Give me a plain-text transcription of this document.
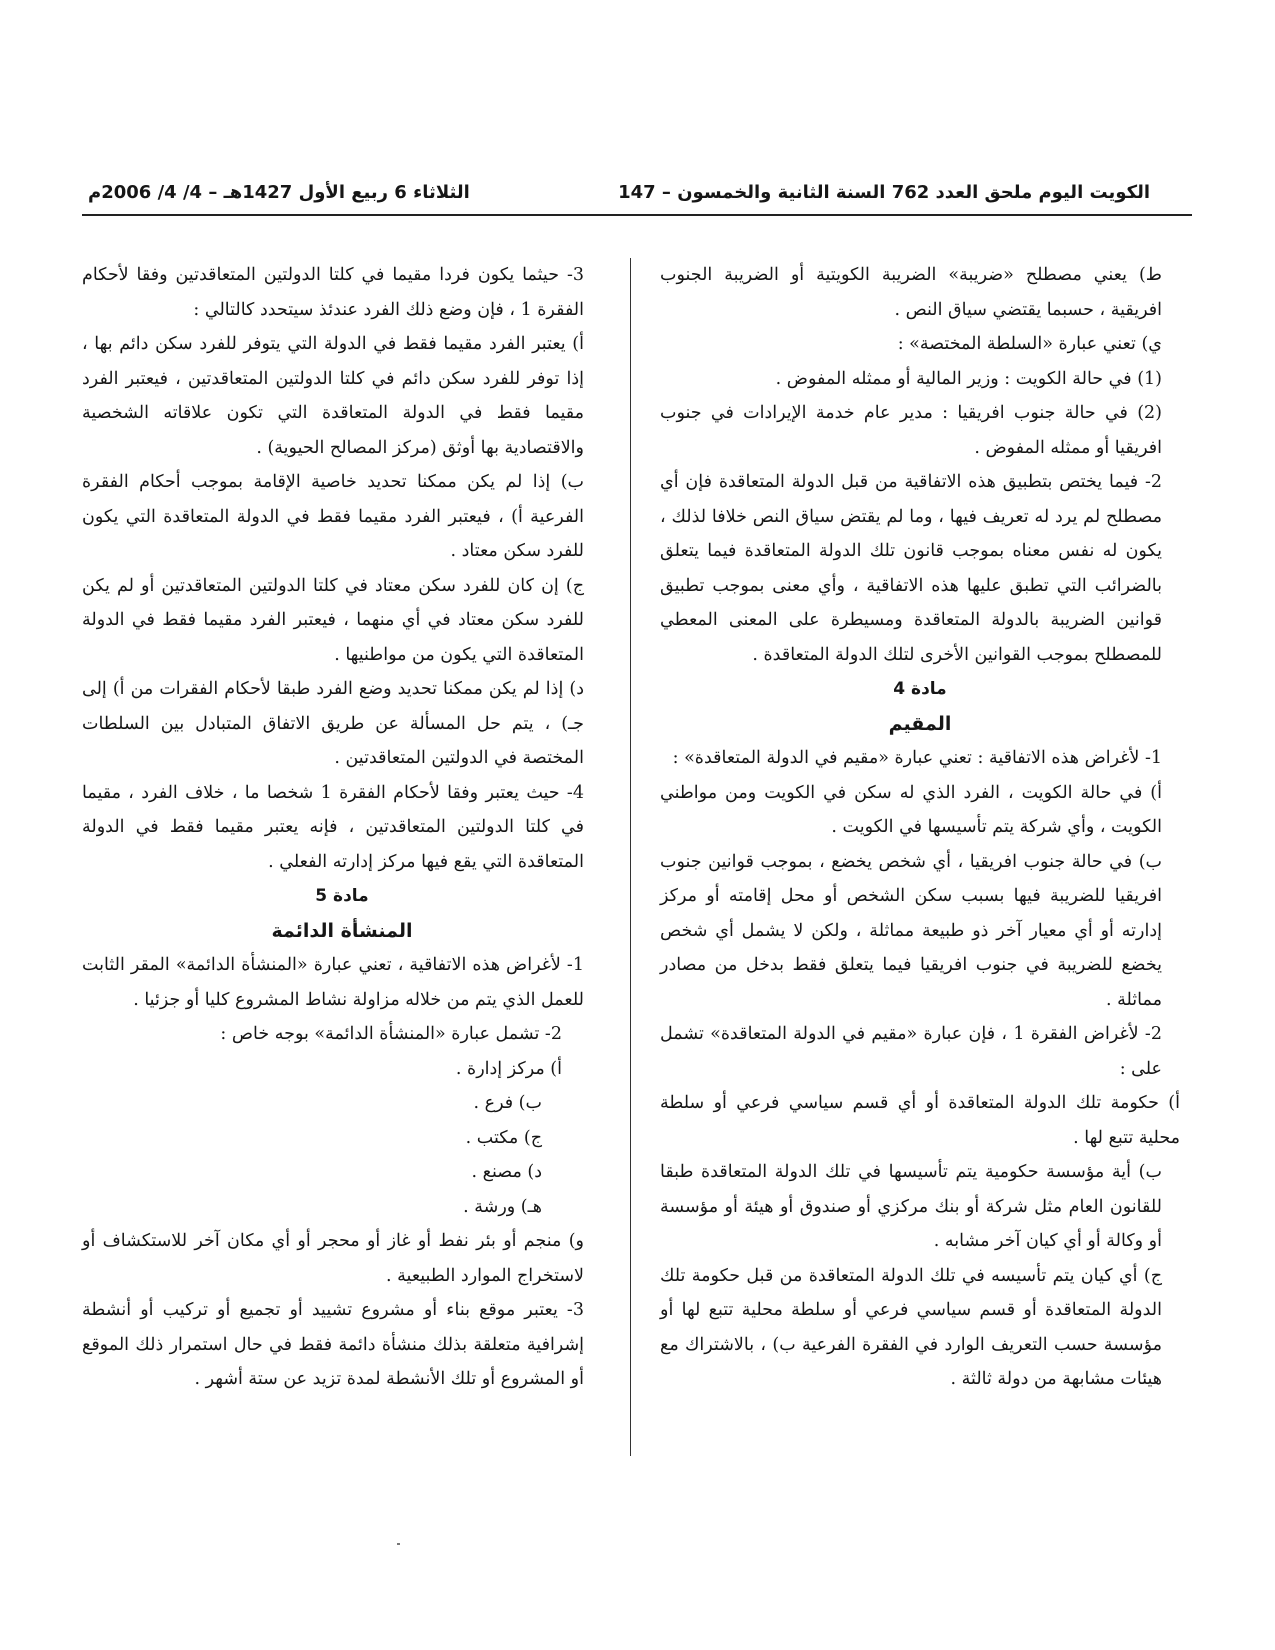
الكويت اليوم ملحق العدد 762 السنة الثانية والخمسون – 147
الثلاثاء 6 ربيع الأول 1427هـ – 4/ 4/ 2006م

ط) يعني مصطلح «ضريبة» الضريبة الكويتية أو الضريبة الجنوب افريقية ، حسبما يقتضي سياق النص .

ي) تعني عبارة «السلطة المختصة» :

(1) في حالة الكويت : وزير المالية أو ممثله المفوض .

(2) في حالة جنوب افريقيا : مدير عام خدمة الإيرادات في جنوب افريقيا أو ممثله المفوض .

2- فيما يختص بتطبيق هذه الاتفاقية من قبل الدولة المتعاقدة فإن أي مصطلح لم يرد له تعريف فيها ، وما لم يقتض سياق النص خلافا لذلك ، يكون له نفس معناه بموجب قانون تلك الدولة المتعاقدة فيما يتعلق بالضرائب التي تطبق عليها هذه الاتفاقية ، وأي معنى بموجب تطبيق قوانين الضريبة بالدولة المتعاقدة ومسيطرة على المعنى المعطي للمصطلح بموجب القوانين الأخرى لتلك الدولة المتعاقدة .

مادة 4

المقيم

1- لأغراض هذه الاتفاقية : تعني عبارة «مقيم في الدولة المتعاقدة» :

أ) في حالة الكويت ، الفرد الذي له سكن في الكويت ومن مواطني الكويت ، وأي شركة يتم تأسيسها في الكويت .

ب) في حالة جنوب افريقيا ، أي شخص يخضع ، بموجب قوانين جنوب افريقيا للضريبة فيها بسبب سكن الشخص أو محل إقامته أو مركز إدارته أو أي معيار آخر ذو طبيعة مماثلة ، ولكن لا يشمل أي شخص يخضع للضريبة في جنوب افريقيا فيما يتعلق فقط بدخل من مصادر مماثلة .

2- لأغراض الفقرة 1 ، فإن عبارة «مقيم في الدولة المتعاقدة» تشمل على :

أ) حكومة تلك الدولة المتعاقدة أو أي قسم سياسي فرعي أو سلطة محلية تتبع لها .

ب) أية مؤسسة حكومية يتم تأسيسها في تلك الدولة المتعاقدة طبقا للقانون العام مثل شركة أو بنك مركزي أو صندوق أو هيئة أو مؤسسة أو وكالة أو أي كيان آخر مشابه .

ج) أي كيان يتم تأسيسه في تلك الدولة المتعاقدة من قبل حكومة تلك الدولة المتعاقدة أو قسم سياسي فرعي أو سلطة محلية تتبع لها أو مؤسسة حسب التعريف الوارد في الفقرة الفرعية ب) ، بالاشتراك مع هيئات مشابهة من دولة ثالثة .

3- حيثما يكون فردا مقيما في كلتا الدولتين المتعاقدتين وفقا لأحكام الفقرة 1 ، فإن وضع ذلك الفرد عندئذ سيتحدد كالتالي :

أ) يعتبر الفرد مقيما فقط في الدولة التي يتوفر للفرد سكن دائم بها ، إذا توفر للفرد سكن دائم في كلتا الدولتين المتعاقدتين ، فيعتبر الفرد مقيما فقط في الدولة المتعاقدة التي تكون علاقاته الشخصية والاقتصادية بها أوثق (مركز المصالح الحيوية) .

ب) إذا لم يكن ممكنا تحديد خاصية الإقامة بموجب أحكام الفقرة الفرعية أ) ، فيعتبر الفرد مقيما فقط في الدولة المتعاقدة التي يكون للفرد سكن معتاد .

ج) إن كان للفرد سكن معتاد في كلتا الدولتين المتعاقدتين أو لم يكن للفرد سكن معتاد في أي منهما ، فيعتبر الفرد مقيما فقط في الدولة المتعاقدة التي يكون من مواطنيها .

د) إذا لم يكن ممكنا تحديد وضع الفرد طبقا لأحكام الفقرات من أ) إلى جـ) ، يتم حل المسألة عن طريق الاتفاق المتبادل بين السلطات المختصة في الدولتين المتعاقدتين .

4- حيث يعتبر وفقا لأحكام الفقرة 1 شخصا ما ، خلاف الفرد ، مقيما في كلتا الدولتين المتعاقدتين ، فإنه يعتبر مقيما فقط في الدولة المتعاقدة التي يقع فيها مركز إدارته الفعلي .

مادة 5

المنشأة الدائمة

1- لأغراض هذه الاتفاقية ، تعني عبارة «المنشأة الدائمة» المقر الثابت للعمل الذي يتم من خلاله مزاولة نشاط المشروع كليا أو جزئيا .

2- تشمل عبارة «المنشأة الدائمة» بوجه خاص :

أ) مركز إدارة .

ب) فرع .

ج) مكتب .

د) مصنع .

هـ) ورشة .

و) منجم أو بئر نفط أو غاز أو محجر أو أي مكان آخر للاستكشاف أو لاستخراج الموارد الطبيعية .

3- يعتبر موقع بناء أو مشروع تشييد أو تجميع أو تركيب أو أنشطة إشرافية متعلقة بذلك منشأة دائمة فقط في حال استمرار ذلك الموقع أو المشروع أو تلك الأنشطة لمدة تزيد عن ستة أشهر .
